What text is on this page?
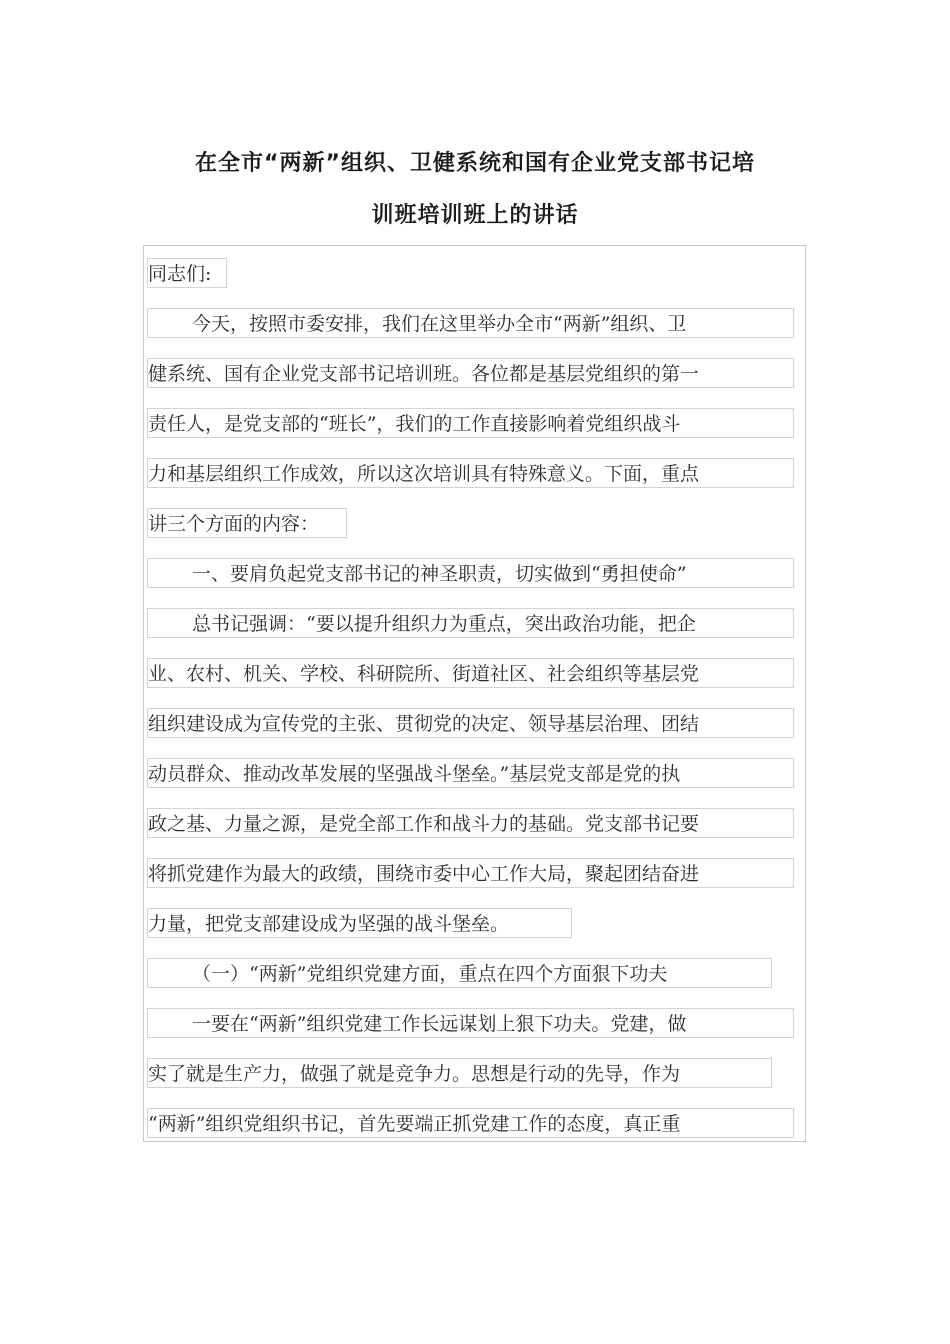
在全市“两新”组织、卫健系统和国有企业党支部书记培
训班培训班上的讲话
同志们:
今天，按照市委安排，我们在这里举办全市“两新”组织、卫
健系统、国有企业党支部书记培训班。各位都是基层党组织的第一
责任人，是党支部的“班长”，我们的工作直接影响着党组织战斗
力和基层组织工作成效，所以这次培训具有特殊意义。下面，重点
讲三个方面的内容：
一、要肩负起党支部书记的神圣职责，切实做到“勇担使命”
总书记强调：“要以提升组织力为重点，突出政治功能，把企
业、农村、机关、学校、科研院所、街道社区、社会组织等基层党
组织建设成为宣传党的主张、贯彻党的决定、领导基层治理、团结
动员群众、推动改革发展的坚强战斗堡垒。”基层党支部是党的执
政之基、力量之源，是党全部工作和战斗力的基础。党支部书记要
将抓党建作为最大的政绩，围绕市委中心工作大局，聚起团结奋进
力量，把党支部建设成为坚强的战斗堡垒。
（一）“两新”党组织党建方面，重点在四个方面狠下功夫
一要在“两新”组织党建工作长远谋划上狠下功夫。党建，做
实了就是生产力，做强了就是竞争力。思想是行动的先导，作为
“两新”组织党组织书记，首先要端正抓党建工作的态度，真正重
